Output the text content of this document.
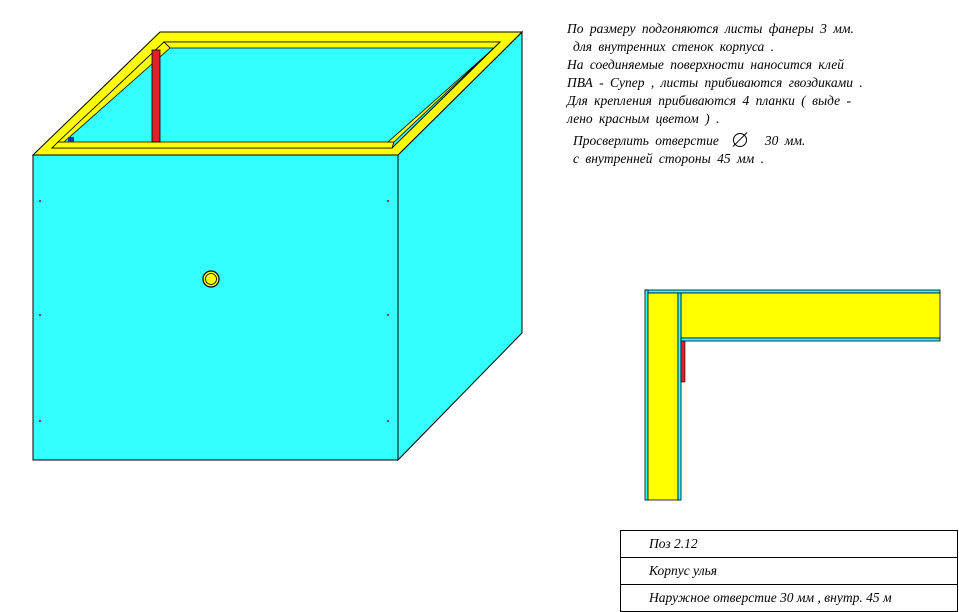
По размеру подгоняются листы фанеры 3 мм.

для внутренних стенок корпуса .

На соединяемые поверхности наносится клей

ПВА - Супер , листы прибиваются гвоздиками .

Для крепления прибиваются 4 планки ( выде -

лено красным цветом ) .

Просверлить отверстие	30 мм.

с внутренней стороны 45 мм .

Поз 2.12
Корпус улья
Наружное отверстие 30 мм , внутр. 45 м
